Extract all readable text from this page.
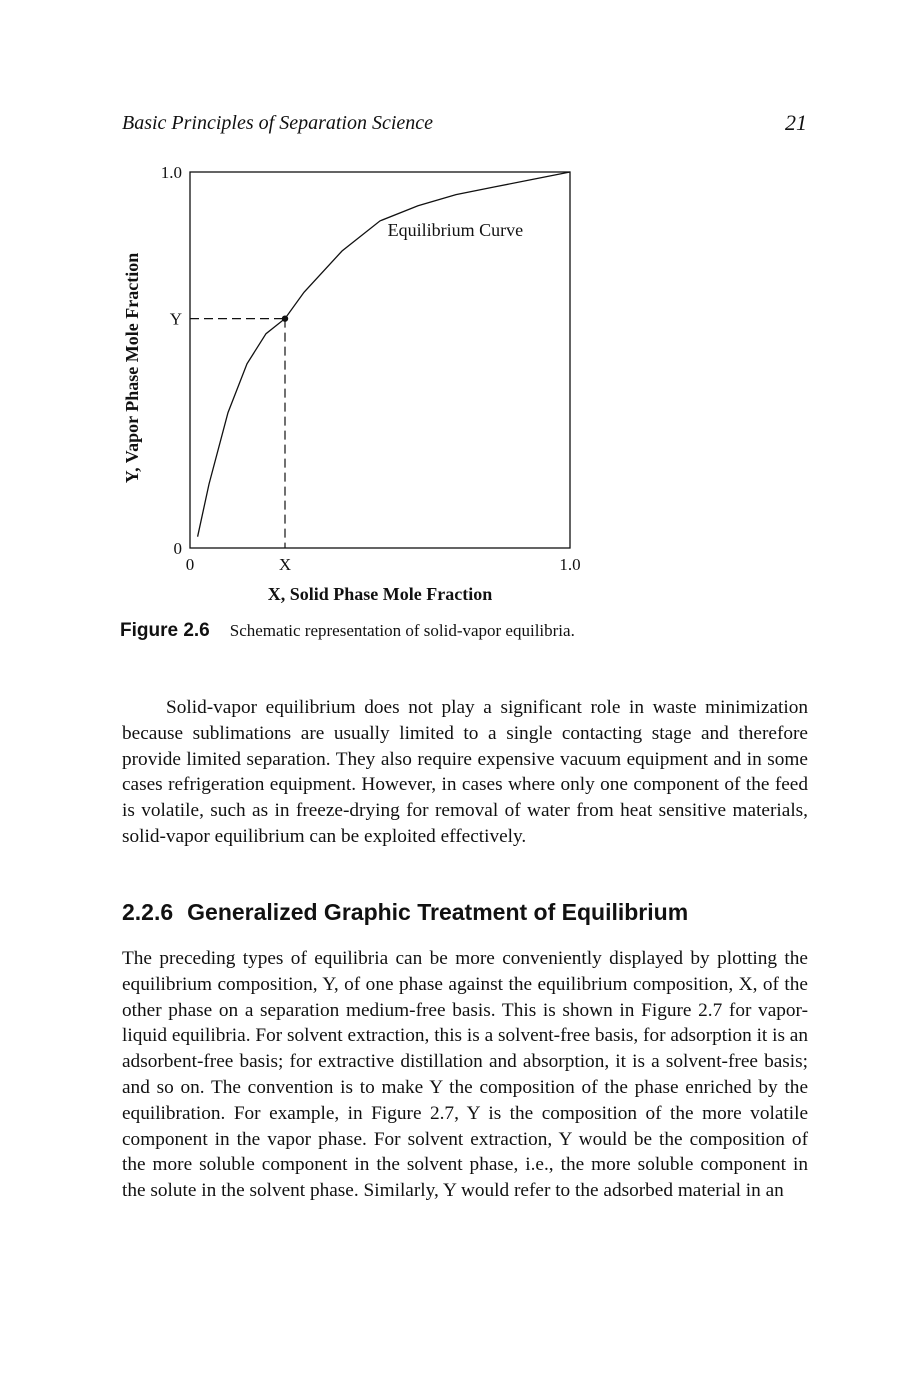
Basic Principles of Separation Science	21
0	X	1.0
0
Y
1.0
Equilibrium Curve
X, Solid Phase Mole Fraction
Y, Vapor Phase Mole Fraction
Figure 2.6 Schematic representation of solid-vapor equilibria.

Solid-vapor equilibrium does not play a significant role in waste minimization because sublimations are usually limited to a single contacting stage and therefore provide limited separation. They also require expensive vacuum equipment and in some cases refrigeration equipment. However, in cases where only one component of the feed is volatile, such as in freeze-drying for removal of water from heat sensitive materials, solid-vapor equilibrium can be exploited effectively.

2.2.6 Generalized Graphic Treatment of Equilibrium

The preceding types of equilibria can be more conveniently displayed by plotting the equilibrium composition, Y, of one phase against the equilibrium composition, X, of the other phase on a separation medium-free basis. This is shown in Figure 2.7 for vapor-liquid equilibria. For solvent extraction, this is a solvent-free basis, for adsorption it is an adsorbent-free basis; for extractive distillation and absorption, it is a solvent-free basis; and so on. The convention is to make Y the composition of the phase enriched by the equilibration. For example, in Figure 2.7, Y is the composition of the more volatile component in the vapor phase. For solvent extraction, Y would be the composition of the more soluble component in the solvent phase, i.e., the more soluble component in the solute in the solvent phase. Similarly, Y would refer to the adsorbed material in an
